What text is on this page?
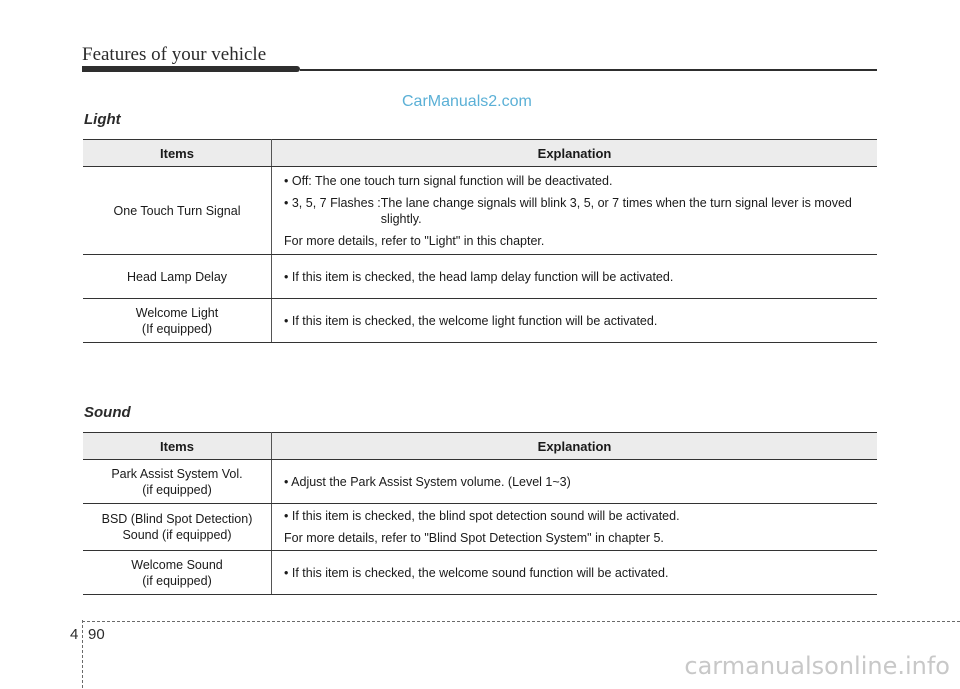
Features of your vehicle
CarManuals2.com
Light
Items	Explanation

One Touch Turn Signal	• Off: The one touch turn signal function will be deactivated.
• 3, 5, 7 Flashes : The lane change signals will blink 3, 5, or 7 times when the turn signal lever is moved slightly.
For more details, refer to "Light" in this chapter.

Head Lamp Delay	• If this item is checked, the head lamp delay function will be activated.

Welcome Light
(If equipped)	• If this item is checked, the welcome light function will be activated.
Sound
Items	Explanation

Park Assist System Vol.
(if equipped)	• Adjust the Park Assist System volume. (Level 1~3)

BSD (Blind Spot Detection)
Sound (if equipped)	• If this item is checked, the blind spot detection sound will be activated.
For more details, refer to "Blind Spot Detection System" in chapter 5.

Welcome Sound
(if equipped)	• If this item is checked, the welcome sound function will be activated.
4 90
carmanualsonline.info
